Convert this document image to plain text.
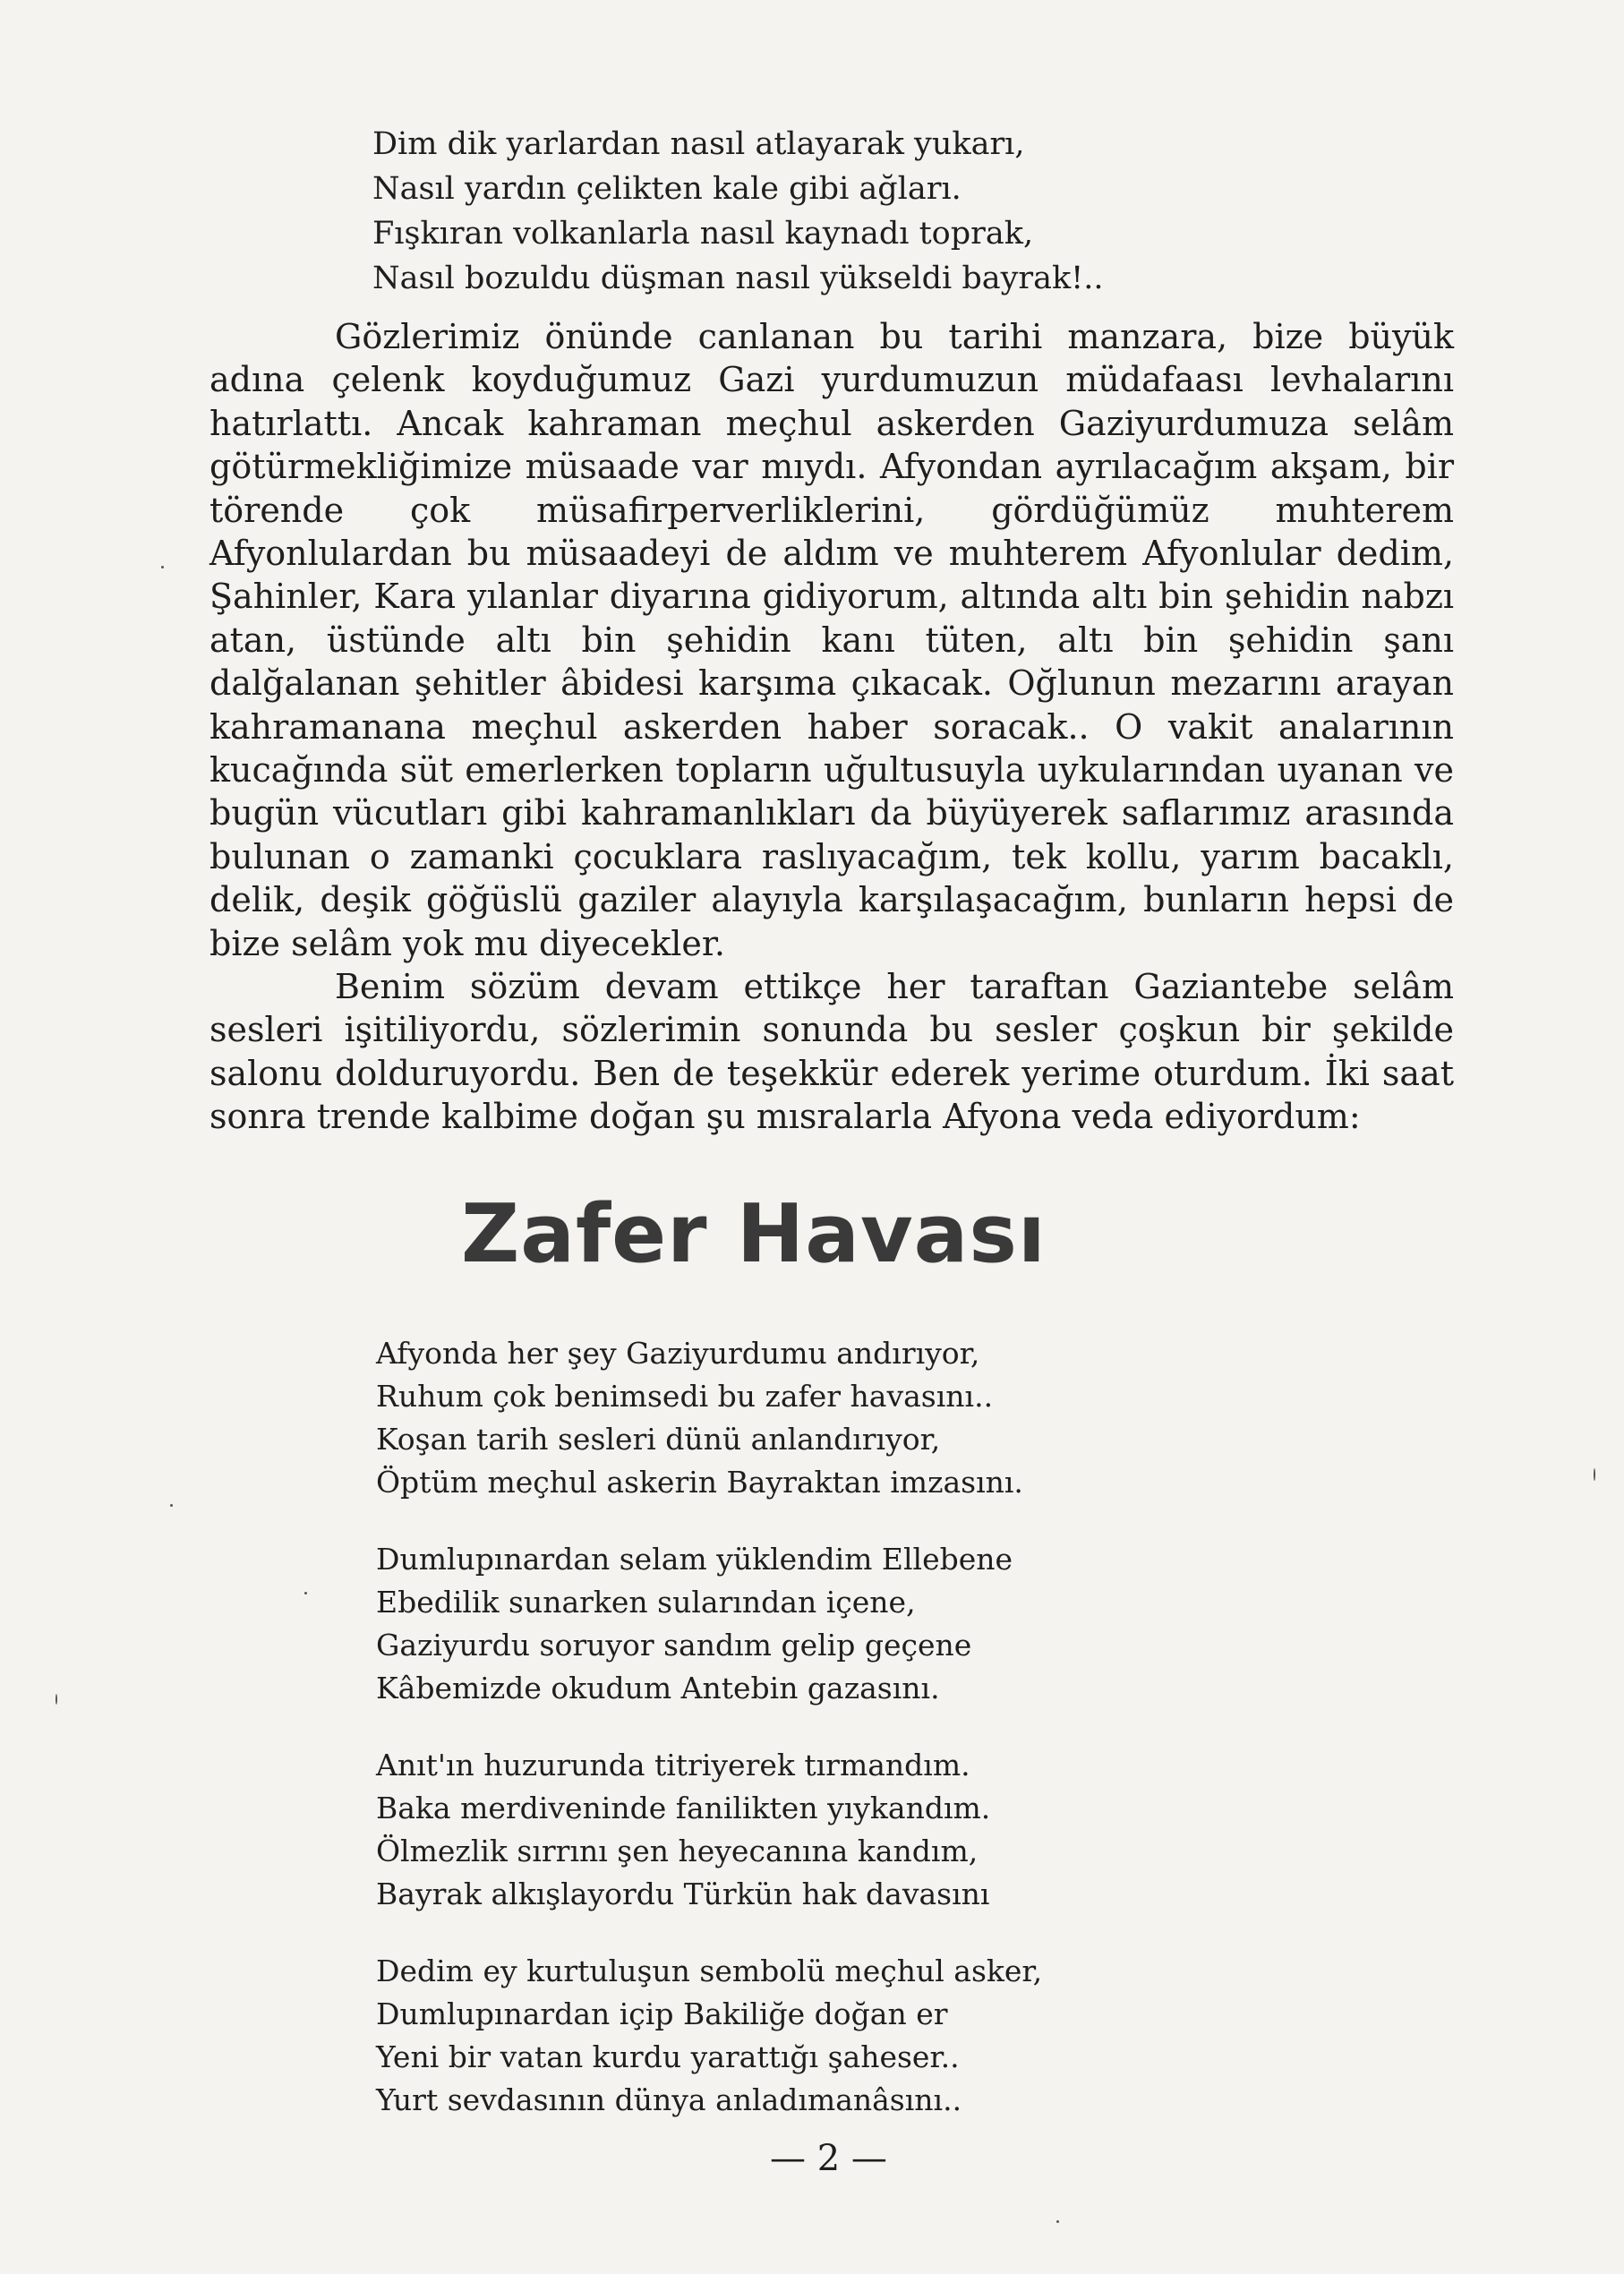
Dim dik yarlardan nasıl atlayarak yukarı,
Nasıl yardın çelikten kale gibi ağları.
Fışkıran volkanlarla nasıl kaynadı toprak,
Nasıl bozuldu düşman nasıl yükseldi bayrak!..

Gözlerimiz önünde canlanan bu tarihi manzara, bize büyük adına çelenk koyduğumuz Gazi yurdumuzun müdafaası levhalarını hatırlattı. Ancak kahraman meçhul askerden Gaziyurdumuza selâm götürmekliğimize müsaade var mıydı. Afyondan ayrılacağım akşam, bir törende çok müsafirperverliklerini, gördüğümüz muhterem Afyonlulardan bu müsaadeyi de aldım ve muhterem Afyonlular dedim, Şahinler, Kara yılanlar diyarına gidiyorum, altında altı bin şehidin nabzı atan, üstünde altı bin şehidin kanı tüten, altı bin şehidin şanı dalğalanan şehitler âbidesi karşıma çıkacak. Oğlunun mezarını arayan kahramanana meçhul askerden haber soracak.. O vakit analarının kucağında süt emerlerken topların uğultusuyla uykularından uyanan ve bugün vücutları gibi kahramanlıkları da büyüyerek saflarımız arasında bulunan o zamanki çocuklara raslıyacağım, tek kollu, yarım bacaklı, delik, deşik göğüslü gaziler alayıyla karşılaşacağım, bunların hepsi de bize selâm yok mu diyecekler.

Benim sözüm devam ettikçe her taraftan Gaziantebe selâm sesleri işitiliyordu, sözlerimin sonunda bu sesler çoşkun bir şekilde salonu dolduruyordu. Ben de teşekkür ederek yerime oturdum. İki saat sonra trende kalbime doğan şu mısralarla Afyona veda ediyordum:

Zafer Havası
Afyonda her şey Gaziyurdumu andırıyor,
Ruhum çok benimsedi bu zafer havasını..
Koşan tarih sesleri dünü anlandırıyor,
Öptüm meçhul askerin Bayraktan imzasını.
Dumlupınardan selam yüklendim Ellebene
Ebedilik sunarken sularından içene,
Gaziyurdu soruyor sandım gelip geçene
Kâbemizde okudum Antebin gazasını.
Anıt'ın huzurunda titriyerek tırmandım.
Baka merdiveninde fanilikten yıykandım.
Ölmezlik sırrını şen heyecanına kandım,
Bayrak alkışlayordu Türkün hak davasını
Dedim ey kurtuluşun sembolü meçhul asker,
Dumlupınardan içip Bakiliğe doğan er
Yeni bir vatan kurdu yarattığı şaheser..
Yurt sevdasının dünya anladımanâsını..
— 2 —
